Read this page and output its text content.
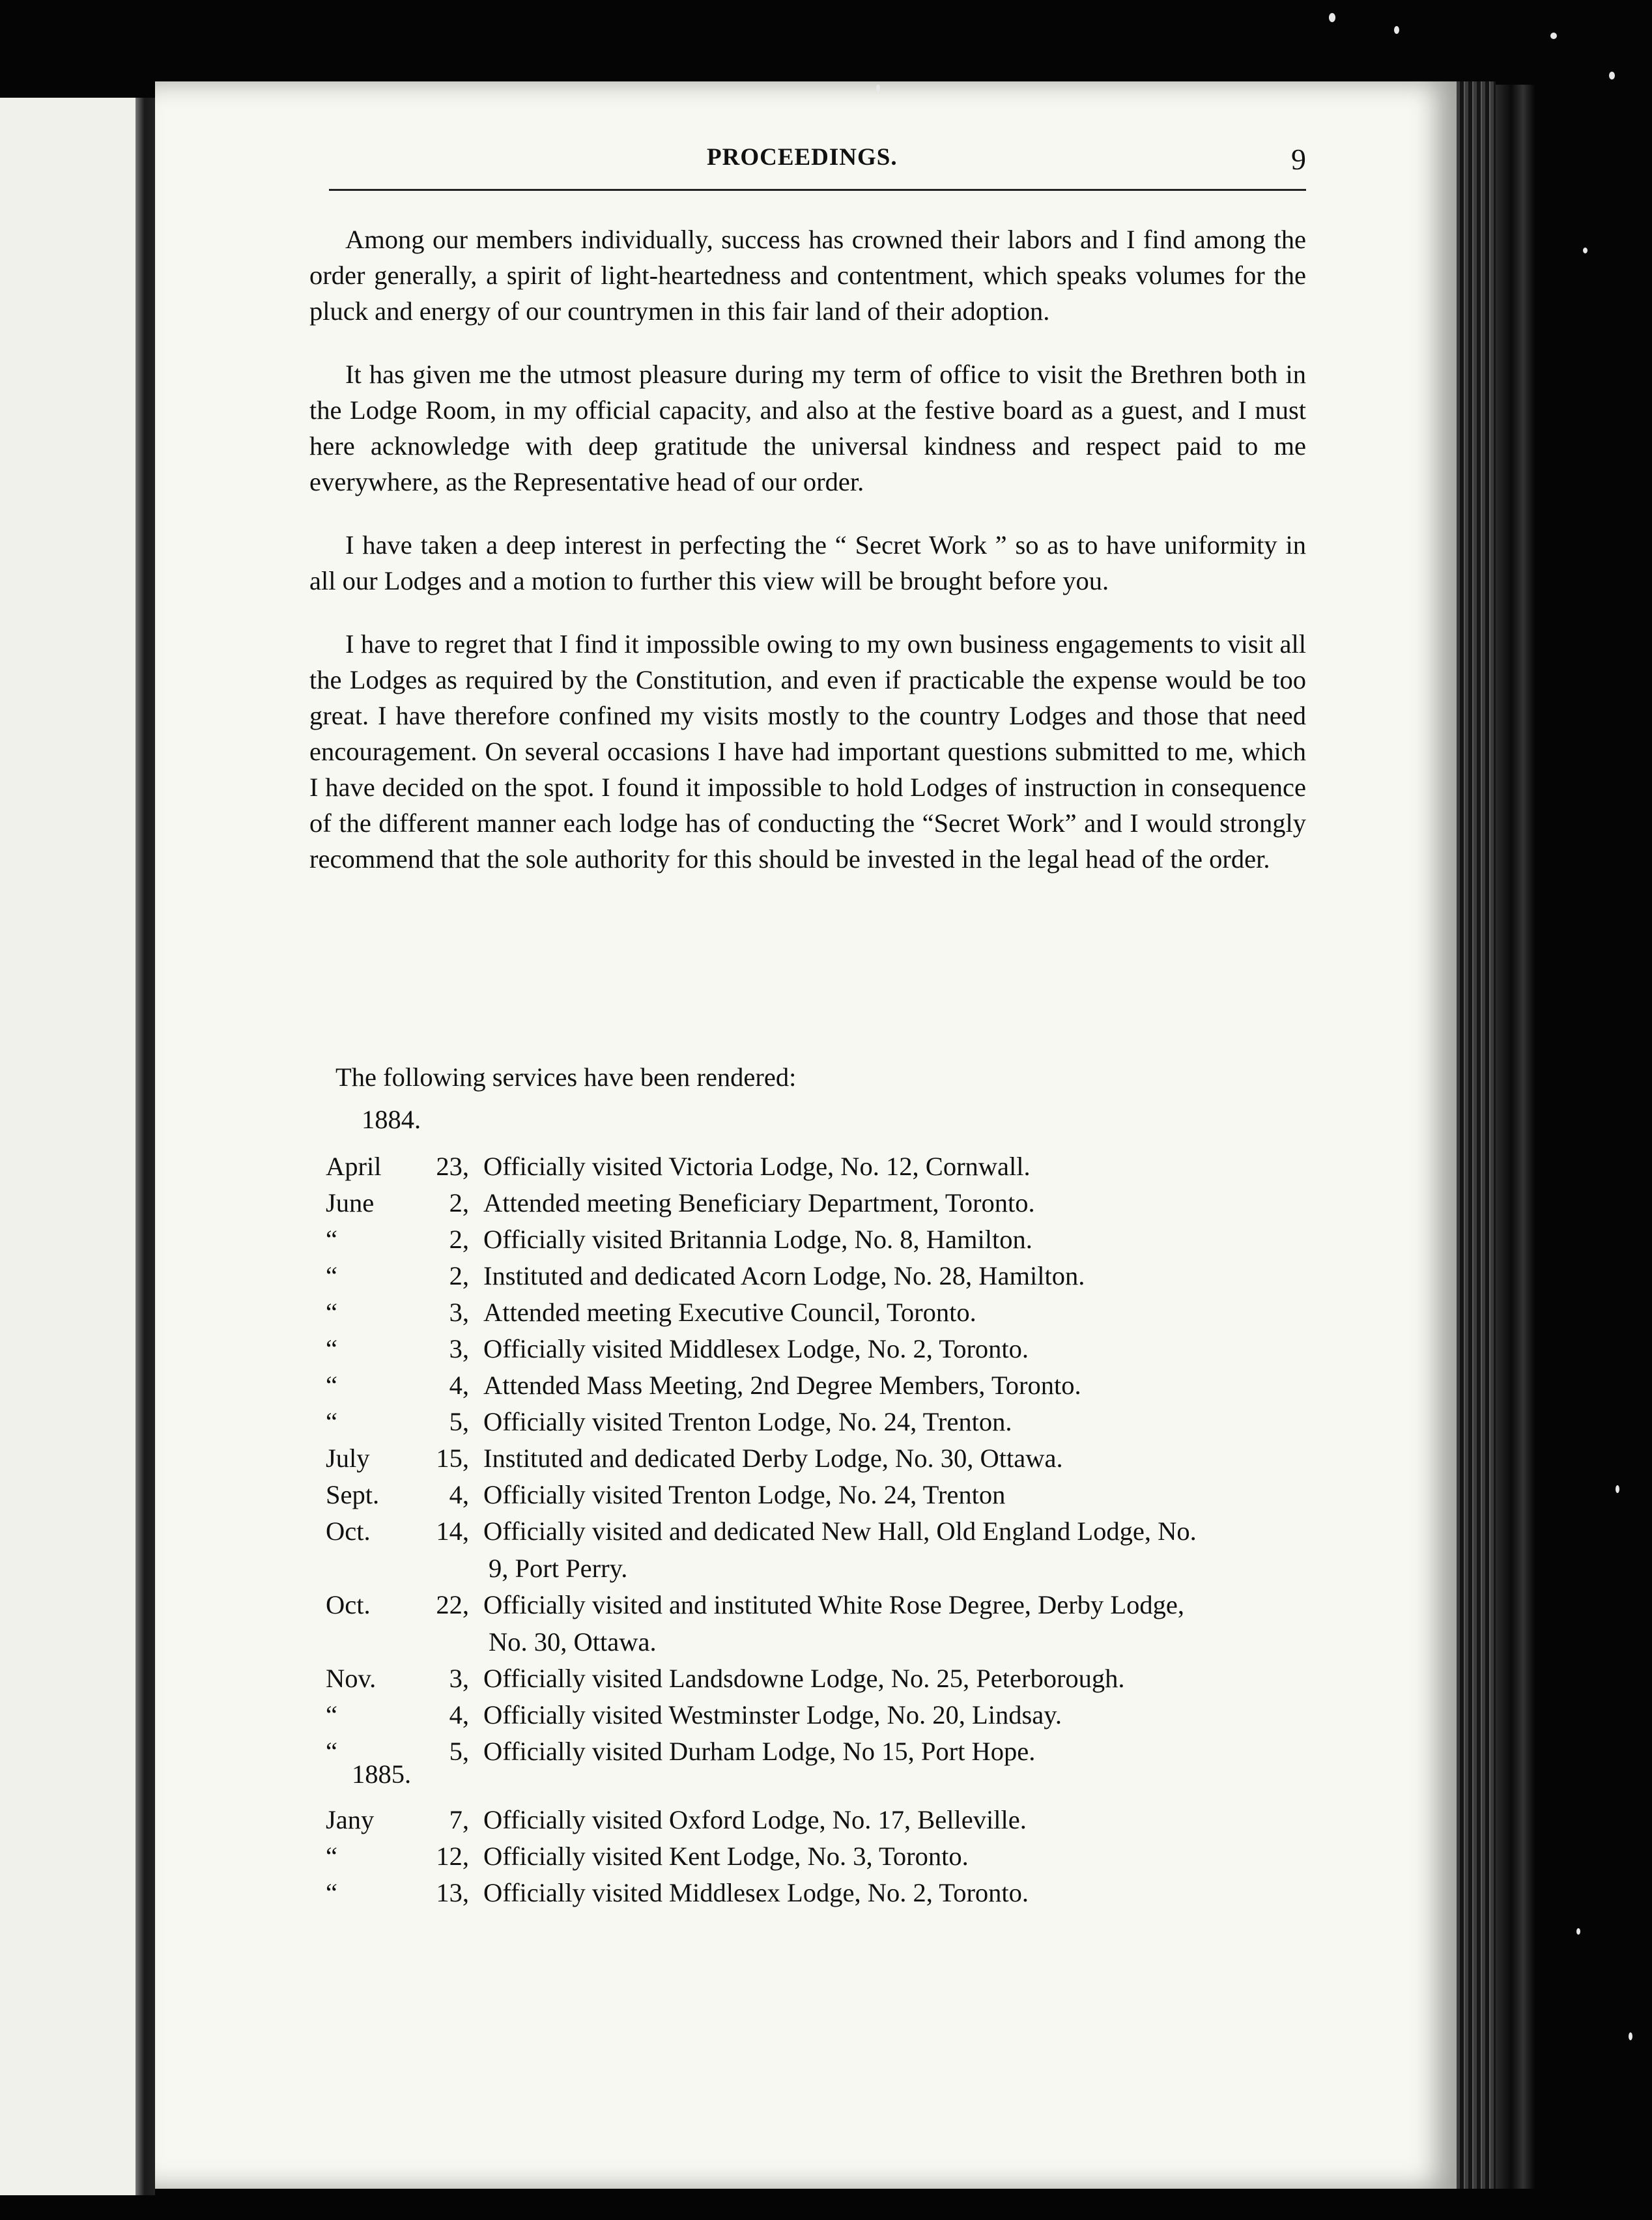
PROCEEDINGS.	9

Among our members individually, success has crowned their labors and I find among the order generally, a spirit of light-heartedness and contentment, which speaks volumes for the pluck and energy of our countrymen in this fair land of their adoption.

It has given me the utmost pleasure during my term of office to visit the Brethren both in the Lodge Room, in my official capacity, and also at the festive board as a guest, and I must here acknowledge with deep gratitude the universal kindness and respect paid to me everywhere, as the Representative head of our order.

I have taken a deep interest in perfecting the “ Secret Work ” so as to have uniformity in all our Lodges and a motion to further this view will be brought before you.

I have to regret that I find it impossible owing to my own business engagements to visit all the Lodges as required by the Constitution, and even if practicable the expense would be too great. I have therefore confined my visits mostly to the country Lodges and those that need encouragement. On several occasions I have had important questions submitted to me, which I have decided on the spot. I found it impossible to hold Lodges of instruction in consequence of the different manner each lodge has of conducting the “Secret Work” and I would strongly recommend that the sole authority for this should be invested in the legal head of the order.

The following services have been rendered:
1884.
1885.
April 23, Officially visited Victoria Lodge, No. 12, Cornwall.
June	2, Attended meeting Beneficiary Department, Toronto.
“	2, Officially visited Britannia Lodge, No. 8, Hamilton.
“	2, Instituted and dedicated Acorn Lodge, No. 28, Hamilton.
“	3, Attended meeting Executive Council, Toronto.
“	3, Officially visited Middlesex Lodge, No. 2, Toronto.
“	4, Attended Mass Meeting, 2nd Degree Members, Toronto.
“	5, Officially visited Trenton Lodge, No. 24, Trenton.
July	15, Instituted and dedicated Derby Lodge, No. 30, Ottawa.
Sept.	4, Officially visited Trenton Lodge, No. 24, Trenton
Oct. 14, Officially visited and dedicated New Hall, Old England Lodge, No.
9, Port Perry.
Oct. 22, Officially visited and instituted White Rose Degree, Derby Lodge,
No. 30, Ottawa.
Nov.	3, Officially visited Landsdowne Lodge, No. 25, Peterborough.
“	4, Officially visited Westminster Lodge, No. 20, Lindsay.
“	5, Officially visited Durham Lodge, No 15, Port Hope.
Jany	7, Officially visited Oxford Lodge, No. 17, Belleville.
“	12, Officially visited Kent Lodge, No. 3, Toronto.
“	13, Officially visited Middlesex Lodge, No. 2, Toronto.
